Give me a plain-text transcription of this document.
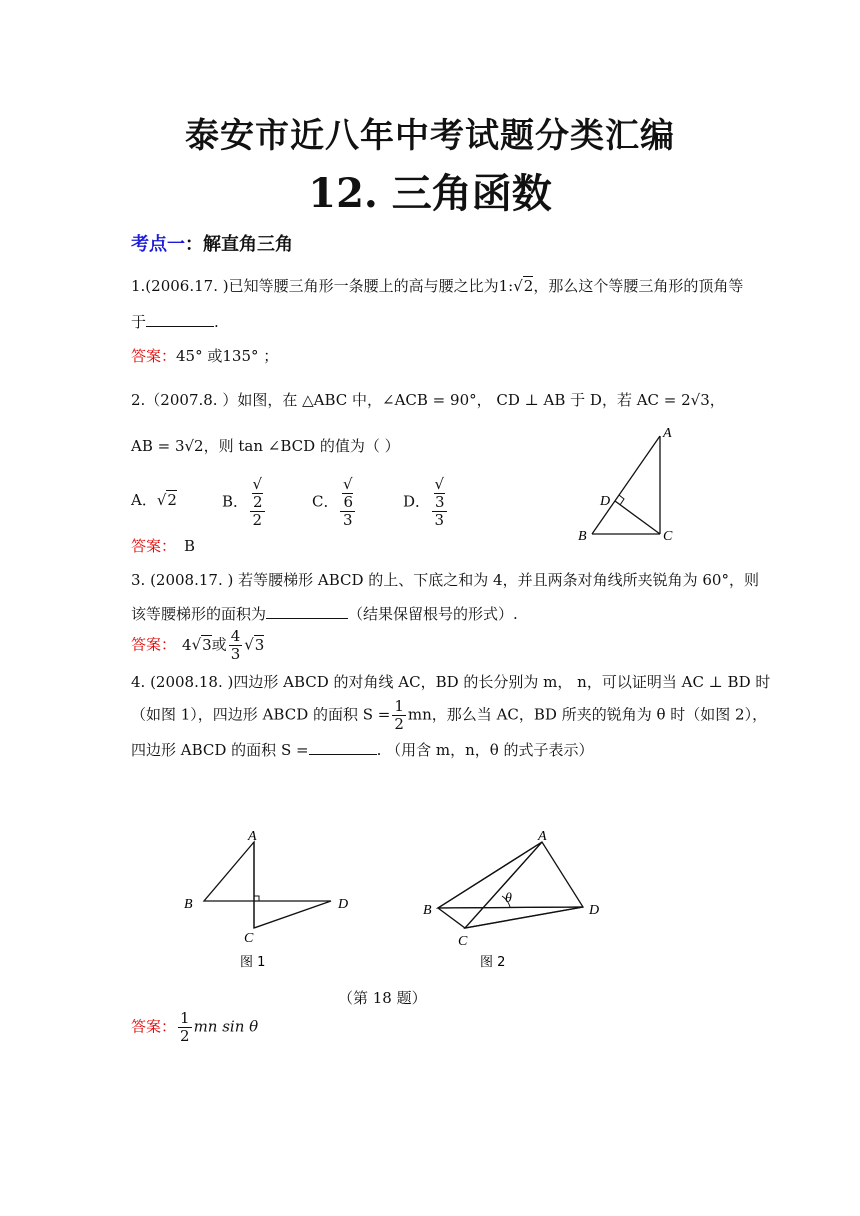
泰安市近八年中考试题分类汇编
12. 三角函数
考点一：解直角三角
1.(2006.17. )已知等腰三角形一条腰上的高与腰之比为1:√2，那么这个等腰三角形的顶角等
于	.
答案：45° 或135° ；
2.（2007.8. ）如图，在 △ABC 中，∠ACB = 90°， CD ⊥ AB 于 D，若 AC = 2√3，
AB = 3√2，则 tan ∠BCD 的值为（ ）
A．√2	B． √
2
2	C． √
6
3	D． √
3
3
答案： B
A
D
B	C
3. (2008.17. ) 若等腰梯形 ABCD 的上、下底之和为 4，并且两条对角线所夹锐角为 60°，则
该等腰梯形的面积为	（结果保留根号的形式）.
答案： 4√3或 $\frac{4}{3} √3$
4. (2008.18. )四边形 ABCD 的对角线 AC，BD 的长分别为 m， n，可以证明当 AC ⊥ BD 时
（如图 1），四边形 ABCD 的面积 $S = \frac{1}{2}$ mn，那么当 AC，BD 所夹的锐角为 θ 时（如图 2），
四边形 ABCD 的面积 S =	. （用含 m，n，θ 的式子表示）
A
B	D
C
图 1
θ
A
B	D
C
图 2
（第 18 题）
答案： $\frac{1}{2}$ mn sin θ
